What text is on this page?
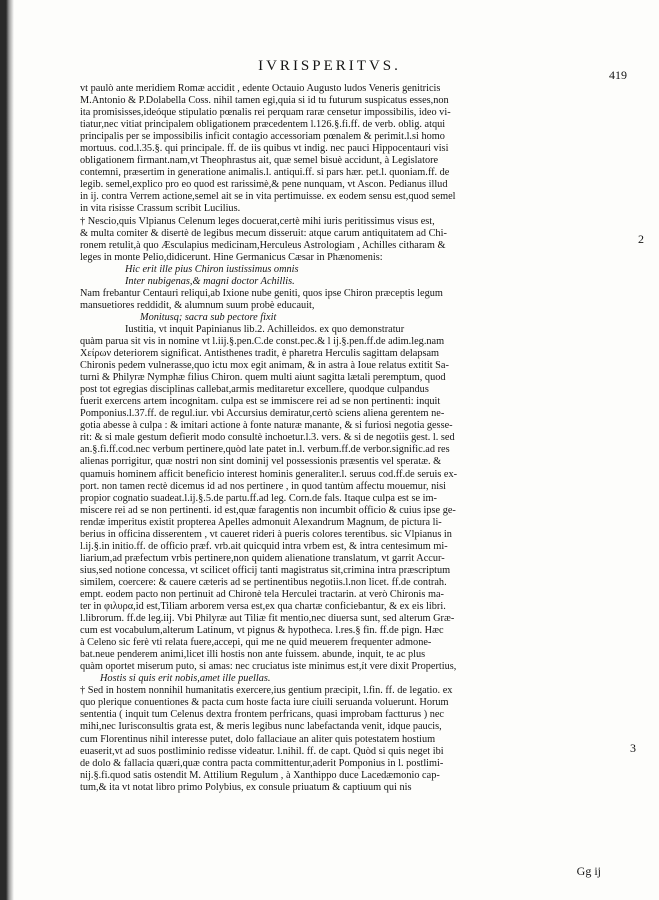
IVRISPERITVS.
419
2
3
vt paulò ante meridiem Romæ accidit , edente Octauio Augusto ludos Veneris genitricis
M.Antonio & P.Dolabella Coss. nihil tamen egi,quia si id tu futurum suspicatus esses,non
ita promisisses,ideóque stipulatio pœnalis rei perquam raræ censetur impossibilis, ideo vi-
tiatur,nec vitiat principalem obligationem præcedentem l.126.§.fi.ff. de verb. oblig. atqui
principalis per se impossibilis inficit contagio accessoriam pœnalem & perimit.l.si homo
mortuus. cod.l.35.§. qui principale. ff. de iis quibus vt indig. nec pauci Hippocentauri visi
obligationem firmant.nam,vt Theophrastus ait, quæ semel bisuè accidunt, à Legislatore
contemni, præsertim in generatione animalis.l. antiqui.ff. si pars hær. pet.l. quoniam.ff. de
legib. semel,explico pro eo quod est rarissimè,& pene nunquam, vt Ascon. Pedianus illud
in ij. contra Verrem actione,semel ait se in vita pertimuisse. ex eodem sensu est,quod semel
in vita risisse Crassum scribit Lucilius.
† Nescio,quis Vlpianus Celenum leges docuerat,certè mihi iuris peritissimus visus est,
& multa comiter & disertè de legibus mecum disseruit: atque carum antiquitatem ad Chi-
ronem retulit,à quo Æsculapius medicinam,Herculeus Astrologiam , Achilles citharam &
leges in monte Pelio,didicerunt. Hine Germanicus Cæsar in Phænomenis:
Hic erit ille pius Chiron iustissimus omnis
Inter nubigenas,& magni doctor Achillis.
Nam frebantur Centauri reliqui,ab Ixione nube geniti, quos ipse Chiron præceptis legum
mansuetiores reddidit, & alumnum suum probè educauit,
Monitusq; sacra sub pectore fixit
Iustitia, vt inquit Papinianus lib.2. Achilleidos. ex quo demonstratur
quàm parua sit vis in nomine vt l.iij.§.pen.C.de const.pec.& l ij.§.pen.ff.de adim.leg.nam
Χείρων deteriorem significat. Antisthenes tradit, è pharetra Herculis sagittam delapsam
Chironis pedem vulnerasse,quo ictu mox egit animam, & in astra à Ioue relatus extitit Sa-
turni & Philyræ Nymphæ filius Chiron. quem multi aiunt sagitta lætali peremptum, quod
post tot egregias disciplinas callebat,armis meditaretur excellere, quodque culpandus
fuerit exercens artem incognitam. culpa est se immiscere rei ad se non pertinenti: inquit
Pomponius.l.37.ff. de regul.iur. vbi Accursius demiratur,certò sciens aliena gerentem ne-
gotia abesse à culpa : & imitari actione à fonte naturæ manante, & si furiosi negotia gesse-
rit: & si male gestum defierit modo consultè inchoetur.l.3. vers. & si de negotiis gest. l. sed
an.§.fi.ff.cod.nec verbum pertinere,quòd late patet in.l. verbum.ff.de verbor.signific.ad res
alienas porrigitur, quæ nostri non sint dominij vel possessionis præsentis vel speratæ. &
quamuis hominem afficit beneficio interest hominis generaliter.l. seruus cod.ff.de seruis ex-
port. non tamen rectè dicemus id ad nos pertinere , in quod tantùm affectu mouemur, nisi
propior cognatio suadeat.l.ij.§.5.de partu.ff.ad leg. Corn.de fals. Itaque culpa est se im-
miscere rei ad se non pertinenti. id est,quæ faragentis non incumbit officio & cuius ipse ge-
rendæ imperitus existit propterea Apelles admonuit Alexandrum Magnum, de pictura li-
berius in officina disserentem , vt caueret rideri à pueris colores terentibus. sic Vlpianus in
l.ij.§.in initio.ff. de officio præf. vrb.ait quicquid intra vrbem est, & intra centesimum mi-
liarium,ad præfectum vrbis pertinere,non quidem alienatione translatum, vt garrit Accur-
sius,sed notione concessa, vt scilicet officij tanti magistratus sit,crimina intra præscriptum
similem, coercere: & cauere cæteris ad se pertinentibus negotiis.l.non licet. ff.de contrah.
empt. eodem pacto non pertinuit ad Chironè tela Herculei tractarin. at verò Chironis ma-
ter in φιλυρα,id est,Tiliam arborem versa est,ex qua chartæ conficiebantur, & ex eis libri.
l.librorum. ff.de leg.iij. Vbi Philyræ aut Tiliæ fit mentio,nec diuersa sunt, sed alterum Græ-
cum est vocabulum,alterum Latinum, vt pignus & hypotheca. l.res.§ fin. ff.de pign. Hæc
à Celeno sic ferè vti relata fuere,accepi, qui me ne quid meuerem frequenter admone-
bat.neue penderem animi,licet illi hostis non ante fuissem. abunde, inquit, te ac plus
quàm oportet miserum puto, si amas: nec cruciatus iste minimus est,ít vere dixit Propertius,
Hostis si quis erit nobis,amet ille puellas.
† Sed in hostem nonnihil humanitatis exercere,ius gentium præcipit, l.fin. ff. de legatio. ex
quo plerique conuentiones & pacta cum hoste facta iure ciuili seruanda voluerunt. Horum
sententia ( inquit tum Celenus dextra frontem perfricans, quasi improbam factturus ) nec
mihi,nec Iurisconsultis grata est, & meris legibus nunc labefactanda venit, idque paucis,
cum Florentinus nihil interesse putet, dolo fallaciaue an aliter quis potestatem hostium
euaserit,vt ad suos postliminio redisse videatur. l.nihil. ff. de capt. Quòd si quis neget ibi
de dolo & fallacia quæri,quæ contra pacta committentur,aderit Pomponius in l. postlimi-
nij.§.fi.quod satis ostendit M. Attilium Regulum , à Xanthippo duce Lacedæmonio cap-
tum,& ita vt notat libro primo Polybius, ex consule priuatum & captiuum qui nis
Gg ij
